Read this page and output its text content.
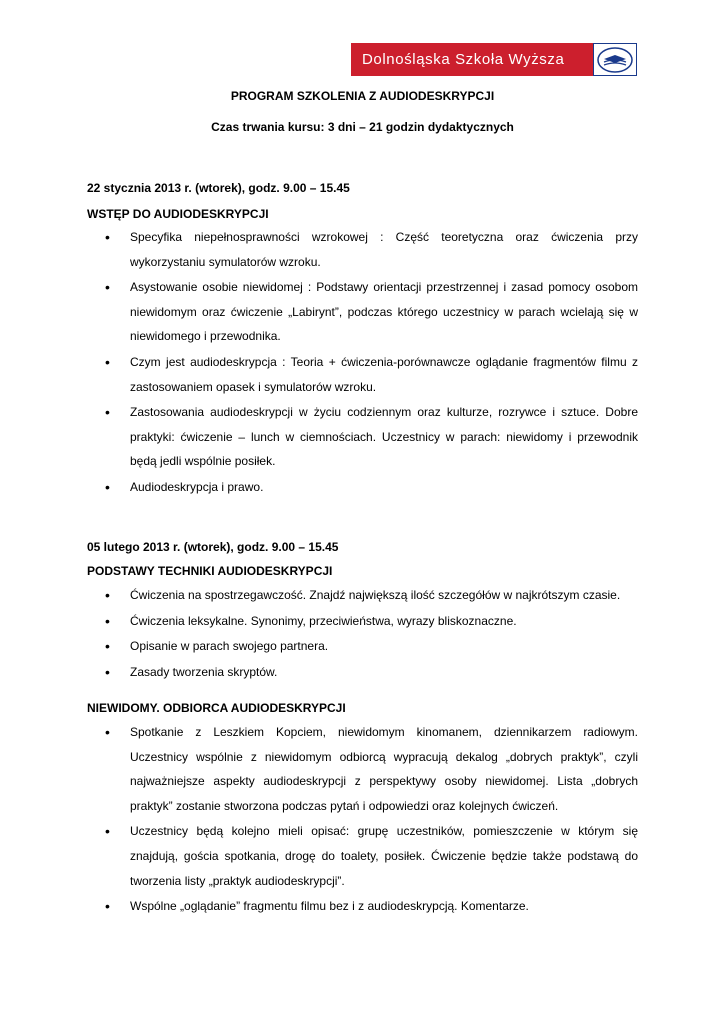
Dolnośląska Szkoła Wyższa
PROGRAM SZKOLENIA Z AUDIODESKRYPCJI
Czas trwania kursu: 3 dni – 21 godzin dydaktycznych
22 stycznia 2013 r. (wtorek), godz. 9.00 – 15.45
WSTĘP DO AUDIODESKRYPCJI
• Specyfika niepełnosprawności wzrokowej : Część teoretyczna oraz ćwiczenia przy wykorzystaniu symulatorów wzroku.
• Asystowanie osobie niewidomej : Podstawy orientacji przestrzennej i zasad pomocy osobom niewidomym oraz ćwiczenie „Labirynt”, podczas którego uczestnicy w parach wcielają się w niewidomego i przewodnika.
• Czym jest audiodeskrypcja : Teoria + ćwiczenia-porównawcze oglądanie fragmentów filmu z zastosowaniem opasek i symulatorów wzroku.
• Zastosowania audiodeskrypcji w życiu codziennym oraz kulturze, rozrywce i sztuce. Dobre praktyki: ćwiczenie – lunch w ciemnościach. Uczestnicy w parach: niewidomy i przewodnik będą jedli wspólnie posiłek.
• Audiodeskrypcja i prawo.
05 lutego 2013 r. (wtorek), godz. 9.00 – 15.45
PODSTAWY TECHNIKI AUDIODESKRYPCJI
• Ćwiczenia na spostrzegawczość. Znajdź największą ilość szczegółów w najkrótszym czasie.
• Ćwiczenia leksykalne. Synonimy, przeciwieństwa, wyrazy bliskoznaczne.
• Opisanie w parach swojego partnera.
• Zasady tworzenia skryptów.
NIEWIDOMY. ODBIORCA AUDIODESKRYPCJI
• Spotkanie z Leszkiem Kopciem, niewidomym kinomanem, dziennikarzem radiowym. Uczestnicy wspólnie z niewidomym odbiorcą wypracują dekalog „dobrych praktyk”, czyli najważniejsze aspekty audiodeskrypcji z perspektywy osoby niewidomej. Lista „dobrych praktyk” zostanie stworzona podczas pytań i odpowiedzi oraz kolejnych ćwiczeń.
• Uczestnicy będą kolejno mieli opisać: grupę uczestników, pomieszczenie w którym się znajdują, gościa spotkania, drogę do toalety, posiłek. Ćwiczenie będzie także podstawą do tworzenia listy „praktyk audiodeskrypcji”.
• Wspólne „oglądanie” fragmentu filmu bez i z audiodeskrypcją. Komentarze.
